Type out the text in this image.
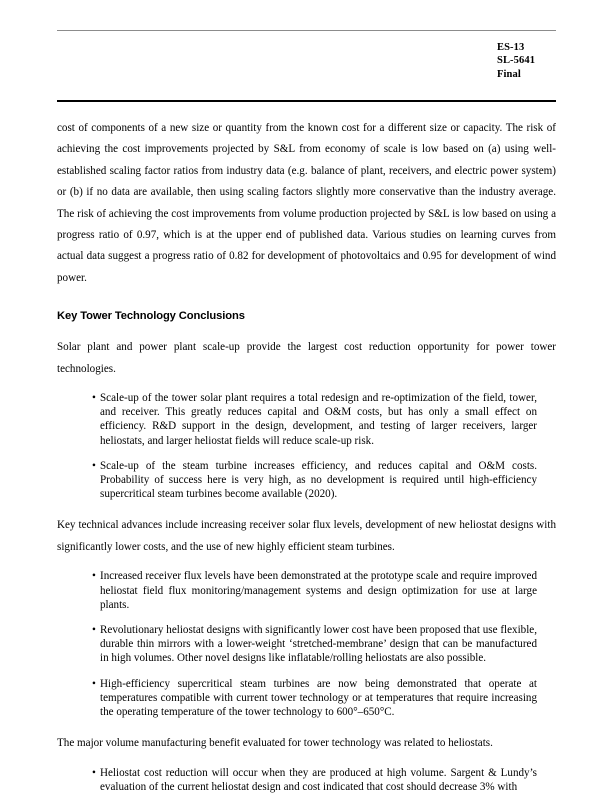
ES-13
SL-5641
Final

cost of components of a new size or quantity from the known cost for a different size or capacity. The risk of achieving the cost improvements projected by S&L from economy of scale is low based on (a) using well-established scaling factor ratios from industry data (e.g. balance of plant, receivers, and electric power system) or (b) if no data are available, then using scaling factors slightly more conservative than the industry average. The risk of achieving the cost improvements from volume production projected by S&L is low based on using a progress ratio of 0.97, which is at the upper end of published data. Various studies on learning curves from actual data suggest a progress ratio of 0.82 for development of photovoltaics and 0.95 for development of wind power.

Key Tower Technology Conclusions

Solar plant and power plant scale-up provide the largest cost reduction opportunity for power tower technologies.

• Scale-up of the tower solar plant requires a total redesign and re-optimization of the field, tower, and receiver. This greatly reduces capital and O&M costs, but has only a small effect on efficiency. R&D support in the design, development, and testing of larger receivers, larger heliostats, and larger heliostat fields will reduce scale-up risk.
• Scale-up of the steam turbine increases efficiency, and reduces capital and O&M costs. Probability of success here is very high, as no development is required until high-efficiency supercritical steam turbines become available (2020).

Key technical advances include increasing receiver solar flux levels, development of new heliostat designs with significantly lower costs, and the use of new highly efficient steam turbines.

• Increased receiver flux levels have been demonstrated at the prototype scale and require improved heliostat field flux monitoring/management systems and design optimization for use at large plants.
• Revolutionary heliostat designs with significantly lower cost have been proposed that use flexible, durable thin mirrors with a lower-weight ‘stretched-membrane’ design that can be manufactured in high volumes. Other novel designs like inflatable/rolling heliostats are also possible.
• High-efficiency supercritical steam turbines are now being demonstrated that operate at temperatures compatible with current tower technology or at temperatures that require increasing the operating temperature of the tower technology to 600°–650°C.

The major volume manufacturing benefit evaluated for tower technology was related to heliostats.

• Heliostat cost reduction will occur when they are produced at high volume. Sargent & Lundy’s evaluation of the current heliostat design and cost indicated that cost should decrease 3% with
